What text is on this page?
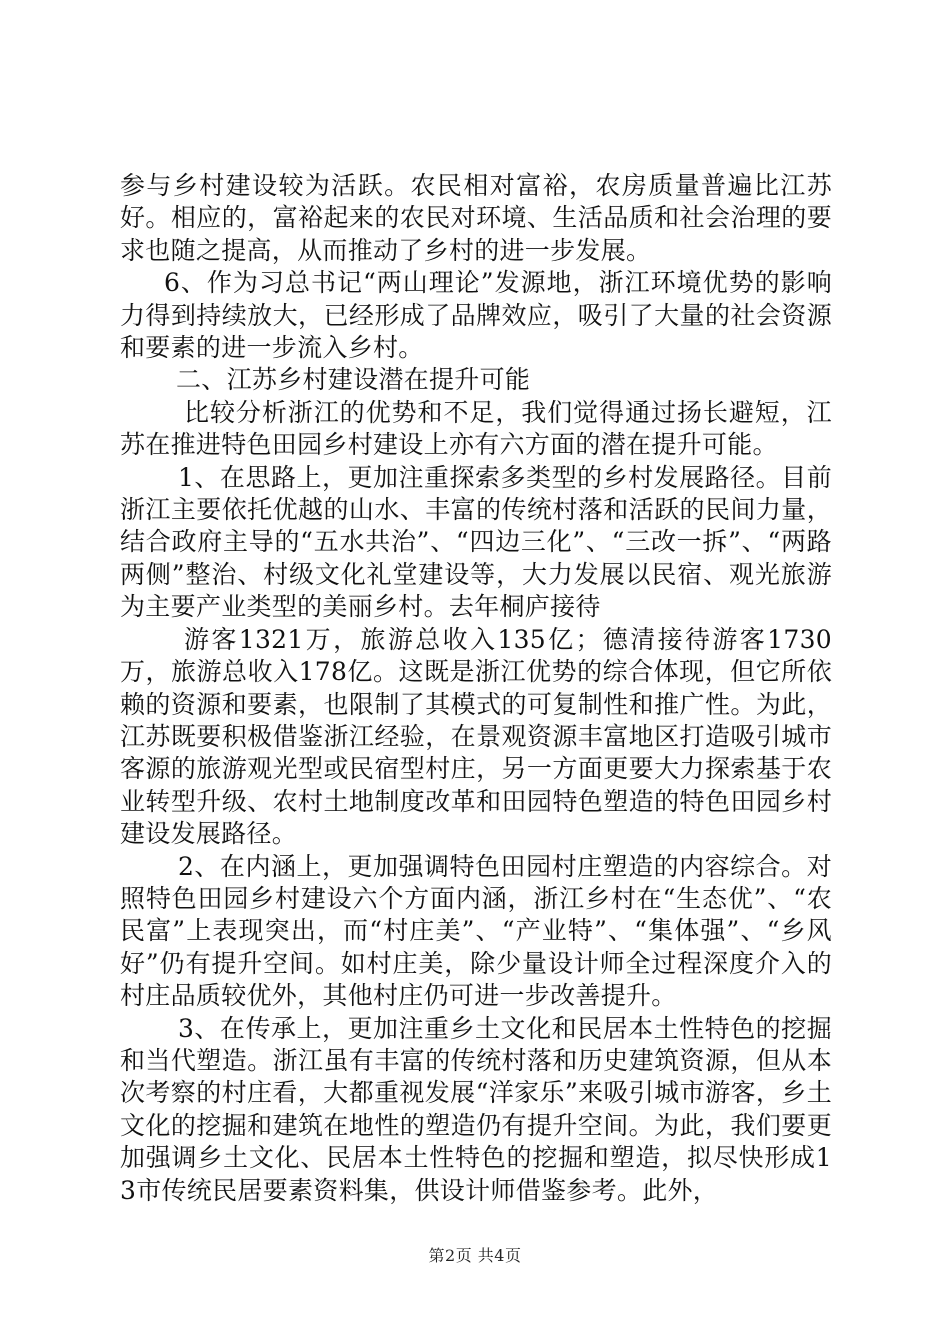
参与乡村建设较为活跃。农民相对富裕，农房质量普遍比江苏好。相应的，富裕起来的农民对环境、生活品质和社会治理的要求也随之提高，从而推动了乡村的进一步发展。

6、作为习总书记“两山理论”发源地，浙江环境优势的影响力得到持续放大，已经形成了品牌效应，吸引了大量的社会资源和要素的进一步流入乡村。

二、江苏乡村建设潜在提升可能

比较分析浙江的优势和不足，我们觉得通过扬长避短，江苏在推进特色田园乡村建设上亦有六方面的潜在提升可能。

1、在思路上，更加注重探索多类型的乡村发展路径。目前浙江主要依托优越的山水、丰富的传统村落和活跃的民间力量，结合政府主导的“五水共治”、“四边三化”、“三改一拆”、“两路两侧”整治、村级文化礼堂建设等，大力发展以民宿、观光旅游为主要产业类型的美丽乡村。去年桐庐接待

游客1321万，旅游总收入135亿；德清接待游客1730万，旅游总收入178亿。这既是浙江优势的综合体现，但它所依赖的资源和要素，也限制了其模式的可复制性和推广性。为此，江苏既要积极借鉴浙江经验，在景观资源丰富地区打造吸引城市客源的旅游观光型或民宿型村庄，另一方面更要大力探索基于农业转型升级、农村土地制度改革和田园特色塑造的特色田园乡村建设发展路径。

2、在内涵上，更加强调特色田园村庄塑造的内容综合。对照特色田园乡村建设六个方面内涵，浙江乡村在“生态优”、“农民富”上表现突出，而“村庄美”、“产业特”、“集体强”、“乡风好”仍有提升空间。如村庄美，除少量设计师全过程深度介入的村庄品质较优外，其他村庄仍可进一步改善提升。

3、在传承上，更加注重乡土文化和民居本土性特色的挖掘和当代塑造。浙江虽有丰富的传统村落和历史建筑资源，但从本次考察的村庄看，大都重视发展“洋家乐”来吸引城市游客，乡土文化的挖掘和建筑在地性的塑造仍有提升空间。为此，我们要更加强调乡土文化、民居本土性特色的挖掘和塑造，拟尽快形成13市传统民居要素资料集，供设计师借鉴参考。此外，

第2页 共4页
